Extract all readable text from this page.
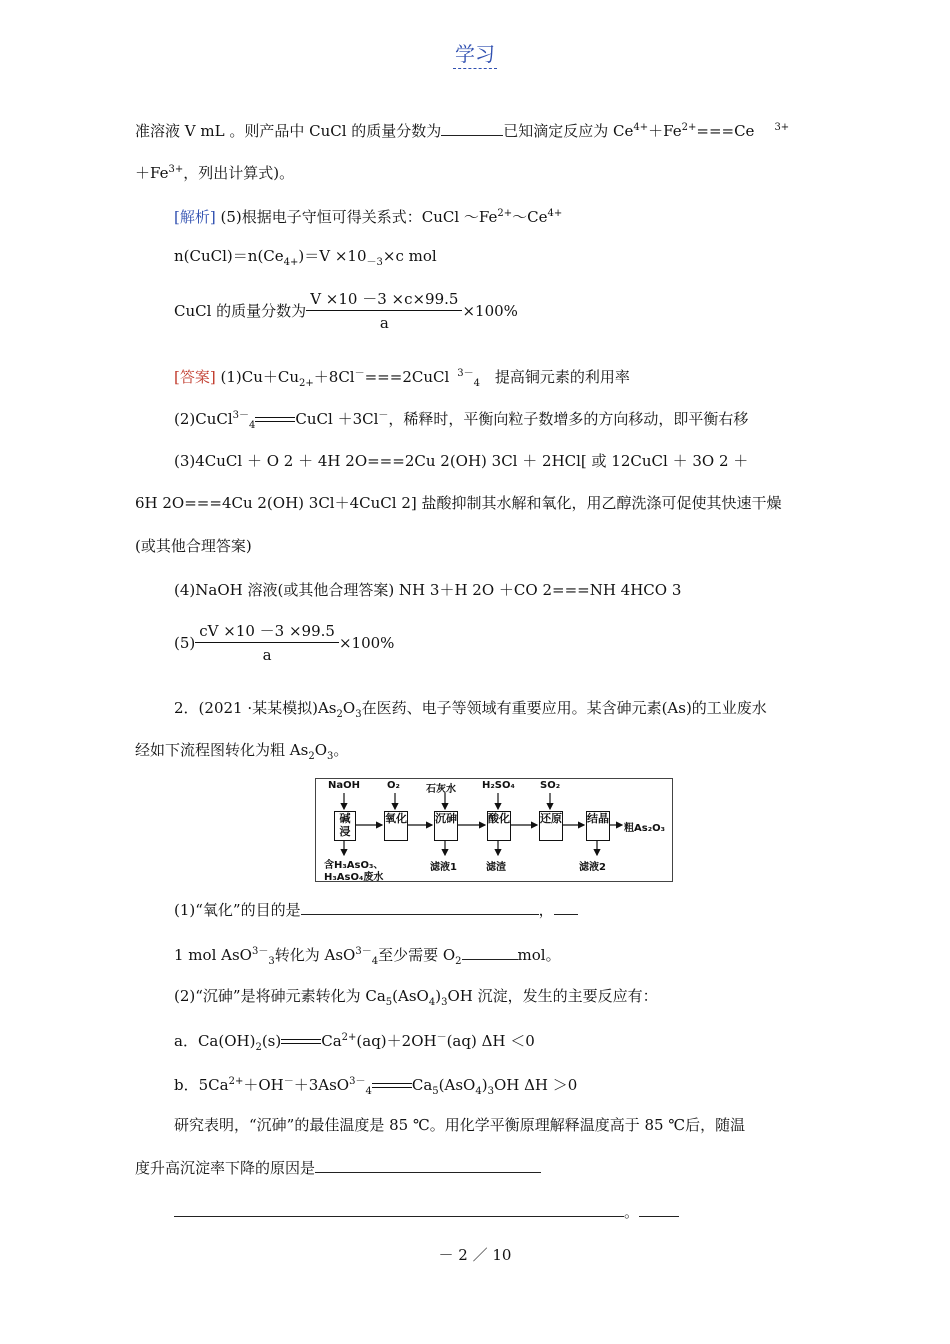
学习
准溶液 V mL 。则产品中 CuCl 的质量分数为	已知滴定反应为 $Ce^{4+}+Fe^{2+}===Ce$ $^{3+}$
$+Fe^{3+}$，列出计算式)。
[解析] (5)根据电子守恒可得关系式：CuCl $\sim Fe^{2+}\sim Ce^{4+}$
$n(CuCl)=n(Ce_{4+})=V \times 10_{-3}\times c$ mol
CuCl 的质量分数为 $\frac{V \times 10 -3 \times c\times 99.5}{a} \times 100\%$
[答案] $(1)Cu+Cu_{2+}+8Cl^-===2CuCl$ $^{3-}_4$ 提高铜元素的利用率
(2)CuCl$^{3-}_4$	CuCl ＋3Cl－，稀释时，平衡向粒子数增多的方向移动，即平衡右移
(3)4CuCl ＋ O 2 ＋ 4H 2O===2Cu 2(OH) 3Cl ＋ 2HCl[ 或 12CuCl ＋ 3O 2 ＋
6H 2O===4Cu 2(OH) 3Cl＋4CuCl 2] 盐酸抑制其水解和氧化，用乙醇洗涤可促使其快速干燥
(或其他合理答案)
(4)NaOH 溶液(或其他合理答案) NH 3＋H 2O ＋CO 2===NH 4HCO 3
$(5) \frac{cV \times 10 -3 \times 99.5}{a} \times 100\%$
2．(2021 ·某某模拟)$As_2O_3$在医药、电子等领域有重要应用。某含砷元素(As)的工业废水
经如下流程图转化为粗 $As_2O_3$。
NaOH	O₂	石灰水	H₂SO₄	SO₂
碱浸
氧化	沉砷	酸化	还原 结晶
粗As₂O₃
含H₃AsO₃、
H₃AsO₄废水
滤液1	滤渣	滤液2
(1)“氧化”的目的是	，
1 mol AsO$^{3-}_3$转化为 AsO$^{3-}_4$至少需要 $O_2$	mol。
(2)“沉砷”是将砷元素转化为 $Ca_5(AsO_4)_3OH$ 沉淀，发生的主要反应有：
a．$Ca(OH)_2(s)$	$Ca^{2+}(aq)+2OH^-(aq)$ ΔH ＜0
b．$5Ca^{2+}+OH^-+3AsO^{3-}_4$	$Ca_5(AsO_4)_3OH$ ΔH ＞0
研究表明，“沉砷”的最佳温度是 85 ℃。用化学平衡原理解释温度高于 85 ℃后，随温
度升高沉淀率下降的原因是
。
－ 2 ／ 10
